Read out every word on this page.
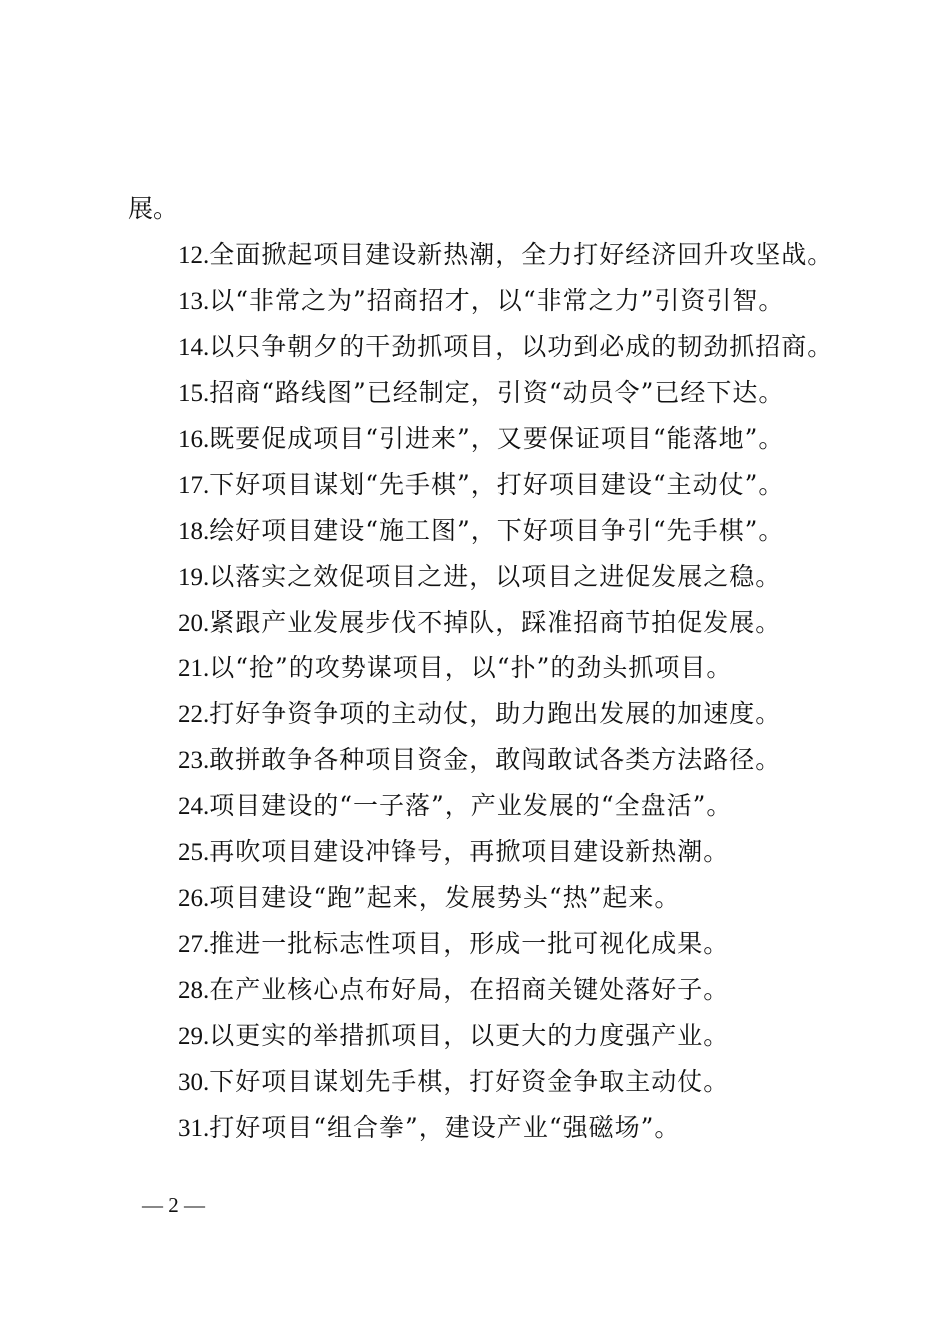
展。
12.全面掀起项目建设新热潮，全力打好经济回升攻坚战。
13.以“非常之为”招商招才，以“非常之力”引资引智。
14.以只争朝夕的干劲抓项目，以功到必成的韧劲抓招商。
15.招商“路线图”已经制定，引资“动员令”已经下达。
16.既要促成项目“引进来”，又要保证项目“能落地”。
17.下好项目谋划“先手棋”，打好项目建设“主动仗”。
18.绘好项目建设“施工图”，下好项目争引“先手棋”。
19.以落实之效促项目之进，以项目之进促发展之稳。
20.紧跟产业发展步伐不掉队，踩准招商节拍促发展。
21.以“抢”的攻势谋项目，以“扑”的劲头抓项目。
22.打好争资争项的主动仗，助力跑出发展的加速度。
23.敢拼敢争各种项目资金，敢闯敢试各类方法路径。
24.项目建设的“一子落”，产业发展的“全盘活”。
25.再吹项目建设冲锋号，再掀项目建设新热潮。
26.项目建设“跑”起来，发展势头“热”起来。
27.推进一批标志性项目，形成一批可视化成果。
28.在产业核心点布好局，在招商关键处落好子。
29.以更实的举措抓项目，以更大的力度强产业。
30.下好项目谋划先手棋，打好资金争取主动仗。
31.打好项目“组合拳”，建设产业“强磁场”。
— 2 —
